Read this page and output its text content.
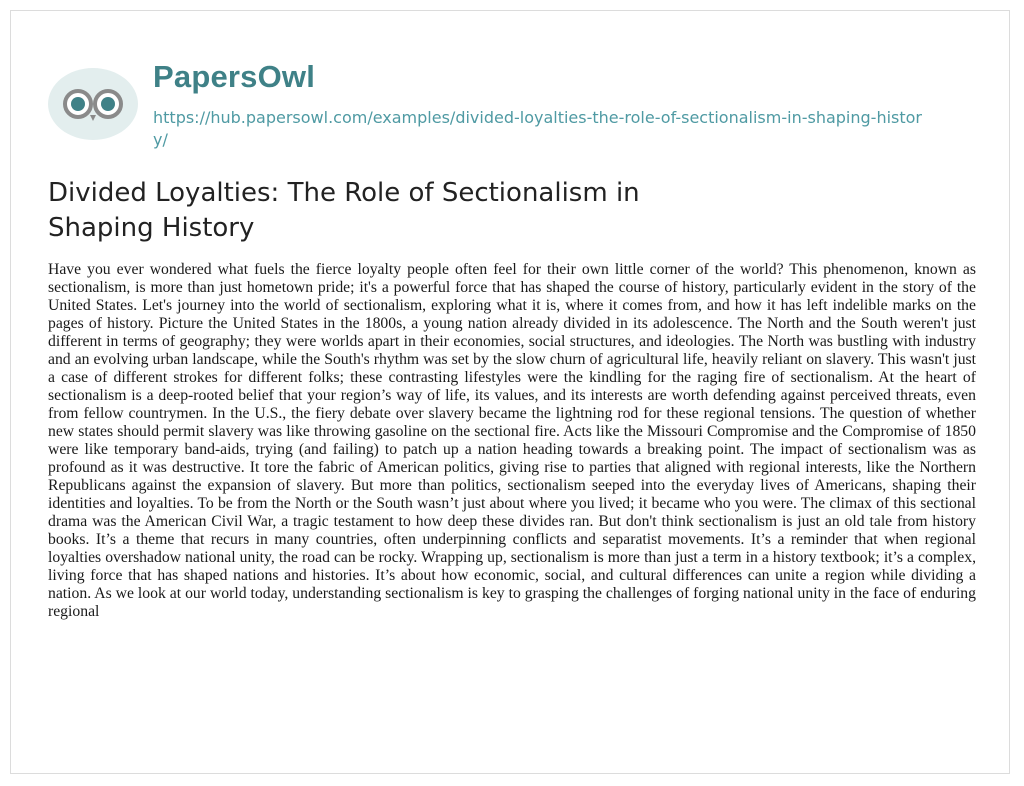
PapersOwl
https://hub.papersowl.com/examples/divided-loyalties-the-role-of-sectionalism-in-shaping-history/
Divided Loyalties: The Role of Sectionalism in Shaping History

Have you ever wondered what fuels the fierce loyalty people often feel for their own little corner of the world? This phenomenon, known as sectionalism, is more than just hometown pride; it's a powerful force that has shaped the course of history, particularly evident in the story of the United States. Let's journey into the world of sectionalism, exploring what it is, where it comes from, and how it has left indelible marks on the pages of history. Picture the United States in the 1800s, a young nation already divided in its adolescence. The North and the South weren't just different in terms of geography; they were worlds apart in their economies, social structures, and ideologies. The North was bustling with industry and an evolving urban landscape, while the South's rhythm was set by the slow churn of agricultural life, heavily reliant on slavery. This wasn't just a case of different strokes for different folks; these contrasting lifestyles were the kindling for the raging fire of sectionalism. At the heart of sectionalism is a deep-rooted belief that your region’s way of life, its values, and its interests are worth defending against perceived threats, even from fellow countrymen. In the U.S., the fiery debate over slavery became the lightning rod for these regional tensions. The question of whether new states should permit slavery was like throwing gasoline on the sectional fire. Acts like the Missouri Compromise and the Compromise of 1850 were like temporary band-aids, trying (and failing) to patch up a nation heading towards a breaking point. The impact of sectionalism was as profound as it was destructive. It tore the fabric of American politics, giving rise to parties that aligned with regional interests, like the Northern Republicans against the expansion of slavery. But more than politics, sectionalism seeped into the everyday lives of Americans, shaping their identities and loyalties. To be from the North or the South wasn’t just about where you lived; it became who you were. The climax of this sectional drama was the American Civil War, a tragic testament to how deep these divides ran. But don't think sectionalism is just an old tale from history books. It’s a theme that recurs in many countries, often underpinning conflicts and separatist movements. It’s a reminder that when regional loyalties overshadow national unity, the road can be rocky. Wrapping up, sectionalism is more than just a term in a history textbook; it’s a complex, living force that has shaped nations and histories. It’s about how economic, social, and cultural differences can unite a region while dividing a nation. As we look at our world today, understanding sectionalism is key to grasping the challenges of forging national unity in the face of enduring regional
